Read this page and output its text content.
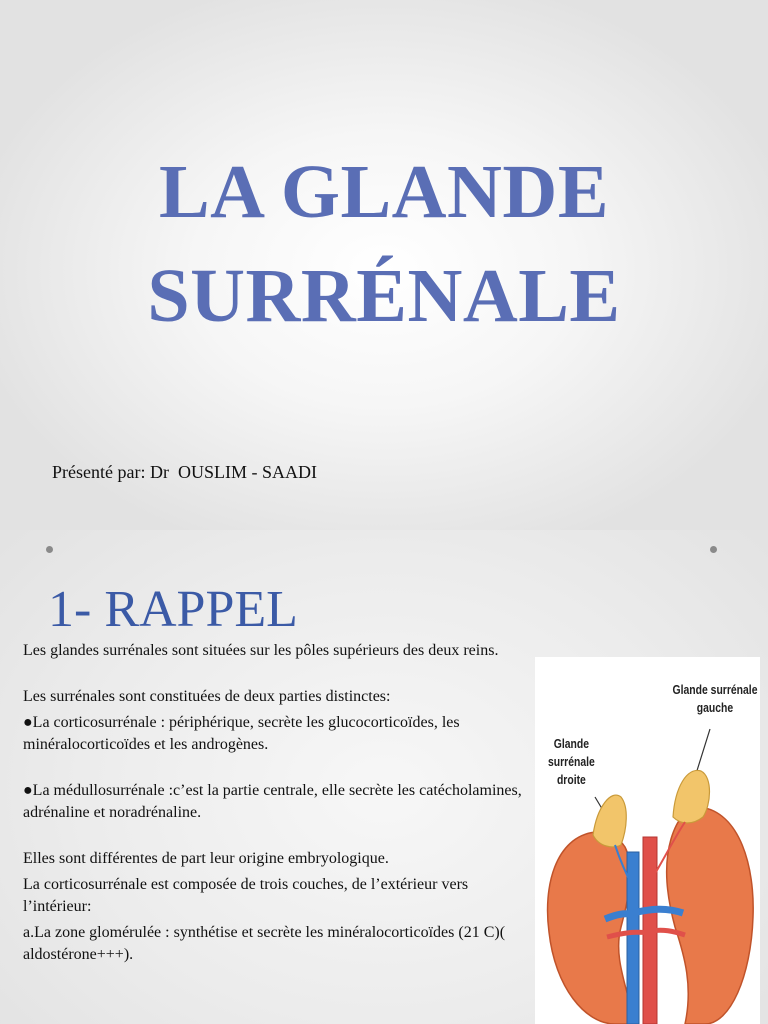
LA GLANDE
SURRÉNALE

Présenté par: Dr  OUSLIM - SAADI

1- RAPPEL

Les glandes surrénales sont situées sur les pôles supérieurs des deux reins.

Les surrénales sont constituées de deux parties distinctes:

●La corticosurrénale : périphérique, secrète les glucocorticoïdes, les minéralocorticoïdes et les androgènes.

●La médullosurrénale :c’est la partie centrale, elle secrète les catécholamines, adrénaline et noradrénaline.

Elles sont différentes de part leur origine embryologique.

La corticosurrénale est composée de trois couches, de l’extérieur vers l’intérieur:

a.La zone glomérulée : synthétise et secrète les minéralocorticoïdes (21 C)( aldostérone+++).

Glande surrénale gauche
Glande surrénale droite
